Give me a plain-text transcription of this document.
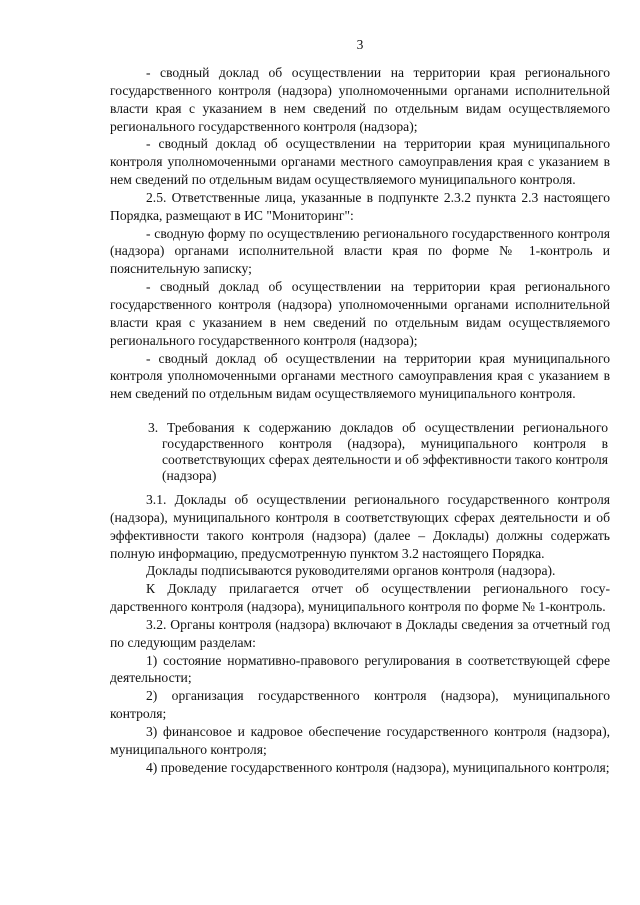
3

- сводный доклад об осуществлении на территории края регионального государственного контроля (надзора) уполномоченными органами исполнительной власти края с указанием в нем сведений по отдельным видам осуществляемого регионального государственного контроля (надзора);

- сводный доклад об осуществлении на территории края муниципального контроля уполномоченными органами местного самоуправления края с указанием в нем сведений по отдельным видам осуществляемого муниципального контроля.

2.5. Ответственные лица, указанные в подпункте 2.3.2 пункта 2.3 настоящего Порядка, размещают в ИС "Мониторинг":

- сводную форму по осуществлению регионального государственного контроля (надзора) органами исполнительной власти края по форме № 1-контроль и пояснительную записку;

- сводный доклад об осуществлении на территории края регионального государственного контроля (надзора) уполномоченными органами исполнительной власти края с указанием в нем сведений по отдельным видам осуществляемого регионального государственного контроля (надзора);

- сводный доклад об осуществлении на территории края муниципального контроля уполномоченными органами местного самоуправления края с указанием в нем сведений по отдельным видам осуществляемого муниципального контроля.

3. Требования к содержанию докладов об осуществлении регионального государственного контроля (надзора), муниципального контроля в соответствующих сферах деятельности и об эффективности такого контроля (надзора)

3.1. Доклады об осуществлении регионального государственного контроля (надзора), муниципального контроля в соответствующих сферах деятельности и об эффективности такого контроля (надзора) (далее – Доклады) должны содержать полную информацию, предусмотренную пунктом 3.2 настоящего Порядка.

Доклады подписываются руководителями органов контроля (надзора).

К Докладу прилагается отчет об осуществлении регионального государственного контроля (надзора), муниципального контроля по форме № 1-контроль.

3.2. Органы контроля (надзора) включают в Доклады сведения за отчетный год по следующим разделам:

1) состояние нормативно-правового регулирования в соответствующей сфере деятельности;

2) организация государственного контроля (надзора), муниципального контроля;

3) финансовое и кадровое обеспечение государственного контроля (надзора), муниципального контроля;

4) проведение государственного контроля (надзора), муниципального контроля;
